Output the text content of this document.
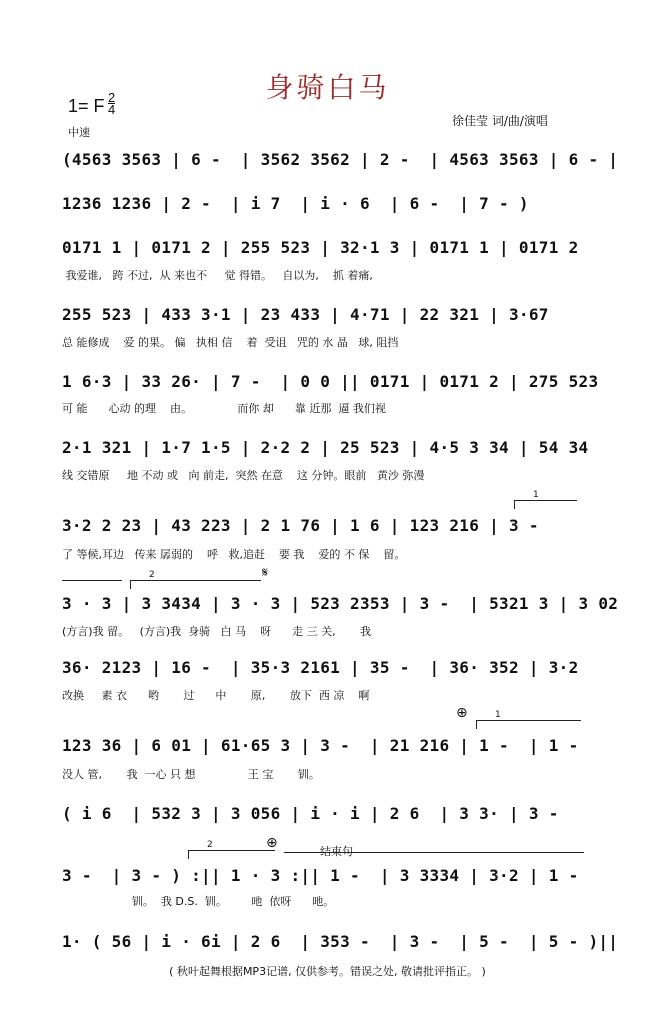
身骑白马
1= F $\frac{2}{4}$
中速
徐佳莹 词/曲/演唱
(4563 3563 | 6 -  | 3562 3562 | 2 -  | 4563 3563 | 6 - |
1236 1236 | 2 -  | i 7  | i · 6  | 6 -  | 7 - )
0171 1 | 0171 2 | 255 523 | 32·1 3 | 0171 1 | 0171 2
我爱谁,   跨 不过,  从 来也不     觉 得错。   自以为,    抓 着痛,
255 523 | 433 3·1 | 23 433 | 4·71 | 22 321 | 3·67
总 能修成    爱 的果。 偏   执相 信    着  受诅   咒的 水 晶   球, 阻挡
1 6·3 | 33 26· | 7 -  | 0 0 || 0171 | 0171 2 | 275 523
可 能      心动 的理    由。             而你 却      靠 近那  逼 我们视
2·1 321 | 1·7 1·5 | 2·2 2 | 25 523 | 4·5 3 34 | 54 34
线 交错原     地 不动 或   向 前走,  突然 在意    这 分钟。眼前   黄沙 弥漫
1
3·2 2 23 | 43 223 | 2 1 76 | 1 6 | 123 216 | 3 -
了 等候,耳边   传来 孱弱的    呼   救,追赶    要 我    爱的 不 保    留。
2	𝄋
3 · 3 | 3 3434 | 3 · 3 | 523 2353 | 3 -  | 5321 3 | 3 02
(方言)我 留。   (方言)我  身骑   白 马    呀      走 三 关,       我
36· 2123 | 16 -  | 35·3 2161 | 35 -  | 36· 352 | 3·2
改换     素 衣      哟       过      中       原,       放下  西 凉    啊
⊕	1
123 36 | 6 01 | 61·65 3 | 3 -  | 21 216 | 1 -  | 1 -
没人 管,       我  一心 只 想               王 宝       钏。
( i 6  | 532 3 | 3 056 | i · i | 2 6  | 3 3· | 3 -
2	⊕
结束句
3 -  | 3 - ) :|| 1 · 3 :|| 1 -  | 3 3334 | 3·2 | 1 -
钏。  我 D.S.  钏。       吔  依呀      吔。
1· ( 56 | i · 6i | 2 6  | 353 -  | 3 -  | 5 -  | 5 - )||
( 秋叶起舞根据MP3记谱, 仅供参考。错误之处, 敬请批评指正。 )
